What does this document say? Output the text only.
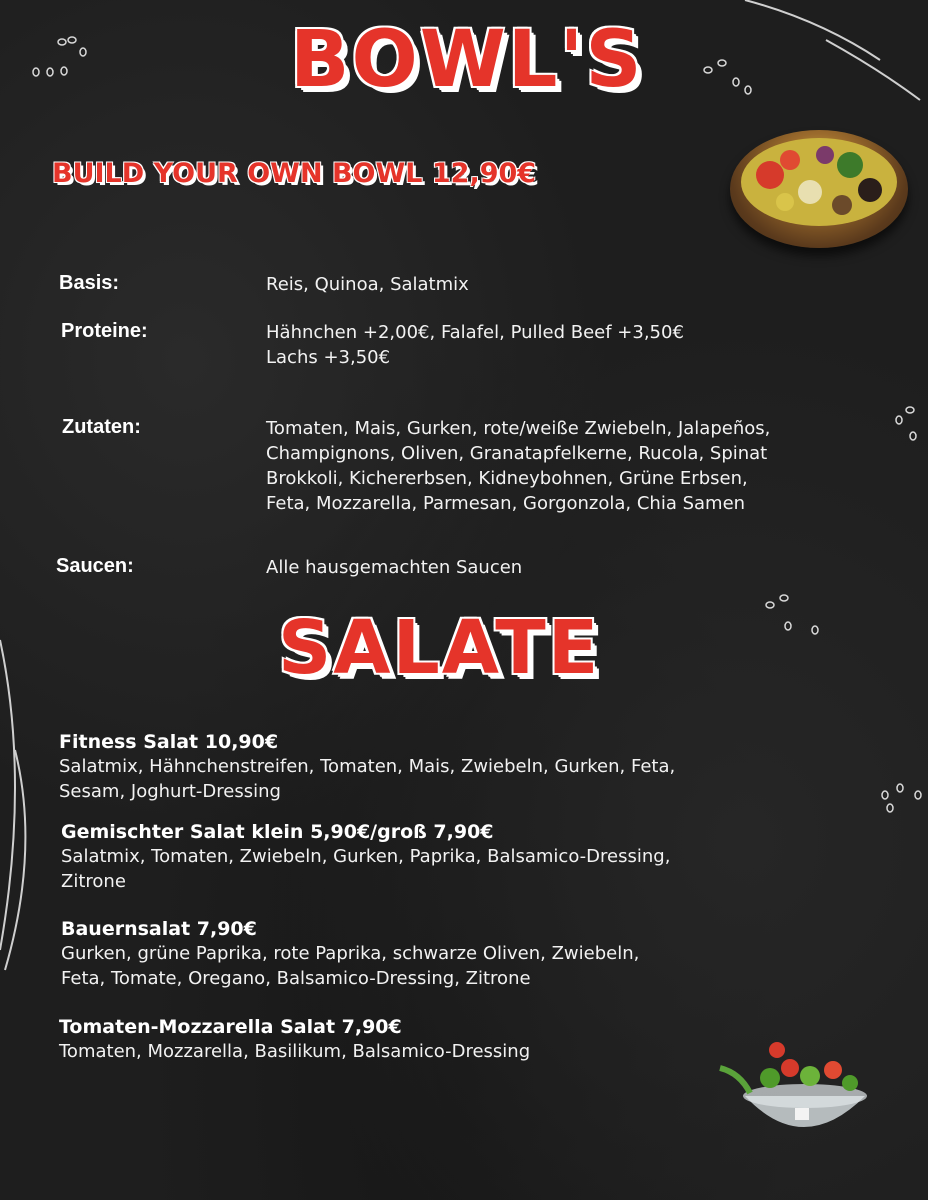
BOWL'S
BUILD YOUR OWN BOWL 12,90€
Basis:	Reis, Quinoa, Salatmix
Proteine:	Hähnchen +2,00€, Falafel, Pulled Beef +3,50€
Lachs +3,50€
Zutaten:	Tomaten, Mais, Gurken, rote/weiße Zwiebeln, Jalapeños,
Champignons, Oliven, Granatapfelkerne, Rucola, Spinat
Brokkoli, Kichererbsen, Kidneybohnen, Grüne Erbsen,
Feta, Mozzarella, Parmesan, Gorgonzola, Chia Samen
Saucen:	Alle hausgemachten Saucen
SALATE
Fitness Salat 10,90€
Salatmix, Hähnchenstreifen, Tomaten, Mais, Zwiebeln, Gurken, Feta,
Sesam, Joghurt-Dressing
Gemischter Salat klein 5,90€/groß 7,90€
Salatmix, Tomaten, Zwiebeln, Gurken, Paprika, Balsamico-Dressing,
Zitrone
Bauernsalat 7,90€
Gurken, grüne Paprika, rote Paprika, schwarze Oliven, Zwiebeln,
Feta, Tomate, Oregano, Balsamico-Dressing, Zitrone
Tomaten-Mozzarella Salat 7,90€
Tomaten, Mozzarella, Basilikum, Balsamico-Dressing
